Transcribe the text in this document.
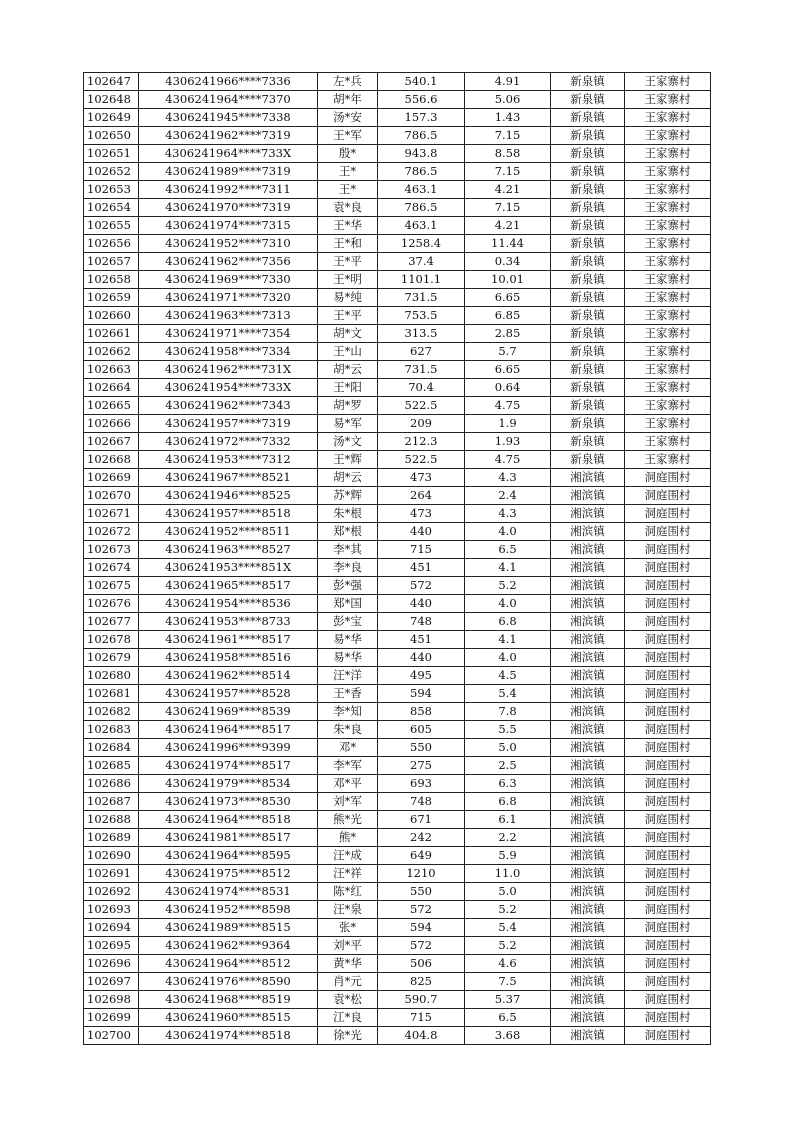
102647	4306241966****7336	左*兵	540.1	4.91	新泉镇	王家寨村
102648	4306241964****7370	胡*年	556.6	5.06	新泉镇	王家寨村
102649	4306241945****7338	汤*安	157.3	1.43	新泉镇	王家寨村
102650	4306241962****7319	王*军	786.5	7.15	新泉镇	王家寨村
102651	4306241964****733X	殷*	943.8	8.58	新泉镇	王家寨村
102652	4306241989****7319	王*	786.5	7.15	新泉镇	王家寨村
102653	4306241992****7311	王*	463.1	4.21	新泉镇	王家寨村
102654	4306241970****7319	袁*良	786.5	7.15	新泉镇	王家寨村
102655	4306241974****7315	王*华	463.1	4.21	新泉镇	王家寨村
102656	4306241952****7310	王*和	1258.4	11.44	新泉镇	王家寨村
102657	4306241962****7356	王*平	37.4	0.34	新泉镇	王家寨村
102658	4306241969****7330	王*明	1101.1	10.01	新泉镇	王家寨村
102659	4306241971****7320	易*纯	731.5	6.65	新泉镇	王家寨村
102660	4306241963****7313	王*平	753.5	6.85	新泉镇	王家寨村
102661	4306241971****7354	胡*文	313.5	2.85	新泉镇	王家寨村
102662	4306241958****7334	王*山	627	5.7	新泉镇	王家寨村
102663	4306241962****731X	胡*云	731.5	6.65	新泉镇	王家寨村
102664	4306241954****733X	王*阳	70.4	0.64	新泉镇	王家寨村
102665	4306241962****7343	胡*罗	522.5	4.75	新泉镇	王家寨村
102666	4306241957****7319	易*军	209	1.9	新泉镇	王家寨村
102667	4306241972****7332	汤*文	212.3	1.93	新泉镇	王家寨村
102668	4306241953****7312	王*辉	522.5	4.75	新泉镇	王家寨村
102669	4306241967****8521	胡*云	473	4.3	湘滨镇	洞庭围村
102670	4306241946****8525	苏*辉	264	2.4	湘滨镇	洞庭围村
102671	4306241957****8518	朱*根	473	4.3	湘滨镇	洞庭围村
102672	4306241952****8511	郑*根	440	4.0	湘滨镇	洞庭围村
102673	4306241963****8527	李*其	715	6.5	湘滨镇	洞庭围村
102674	4306241953****851X	李*良	451	4.1	湘滨镇	洞庭围村
102675	4306241965****8517	彭*强	572	5.2	湘滨镇	洞庭围村
102676	4306241954****8536	郑*国	440	4.0	湘滨镇	洞庭围村
102677	4306241953****8733	彭*宝	748	6.8	湘滨镇	洞庭围村
102678	4306241961****8517	易*华	451	4.1	湘滨镇	洞庭围村
102679	4306241958****8516	易*华	440	4.0	湘滨镇	洞庭围村
102680	4306241962****8514	汪*洋	495	4.5	湘滨镇	洞庭围村
102681	4306241957****8528	王*香	594	5.4	湘滨镇	洞庭围村
102682	4306241969****8539	李*知	858	7.8	湘滨镇	洞庭围村
102683	4306241964****8517	朱*良	605	5.5	湘滨镇	洞庭围村
102684	4306241996****9399	邓*	550	5.0	湘滨镇	洞庭围村
102685	4306241974****8517	李*军	275	2.5	湘滨镇	洞庭围村
102686	4306241979****8534	邓*平	693	6.3	湘滨镇	洞庭围村
102687	4306241973****8530	刘*军	748	6.8	湘滨镇	洞庭围村
102688	4306241964****8518	熊*光	671	6.1	湘滨镇	洞庭围村
102689	4306241981****8517	熊*	242	2.2	湘滨镇	洞庭围村
102690	4306241964****8595	汪*成	649	5.9	湘滨镇	洞庭围村
102691	4306241975****8512	汪*祥	1210	11.0	湘滨镇	洞庭围村
102692	4306241974****8531	陈*红	550	5.0	湘滨镇	洞庭围村
102693	4306241952****8598	汪*泉	572	5.2	湘滨镇	洞庭围村
102694	4306241989****8515	张*	594	5.4	湘滨镇	洞庭围村
102695	4306241962****9364	刘*平	572	5.2	湘滨镇	洞庭围村
102696	4306241964****8512	黄*华	506	4.6	湘滨镇	洞庭围村
102697	4306241976****8590	肖*元	825	7.5	湘滨镇	洞庭围村
102698	4306241968****8519	袁*松	590.7	5.37	湘滨镇	洞庭围村
102699	4306241960****8515	江*良	715	6.5	湘滨镇	洞庭围村
102700	4306241974****8518	徐*光	404.8	3.68	湘滨镇	洞庭围村
